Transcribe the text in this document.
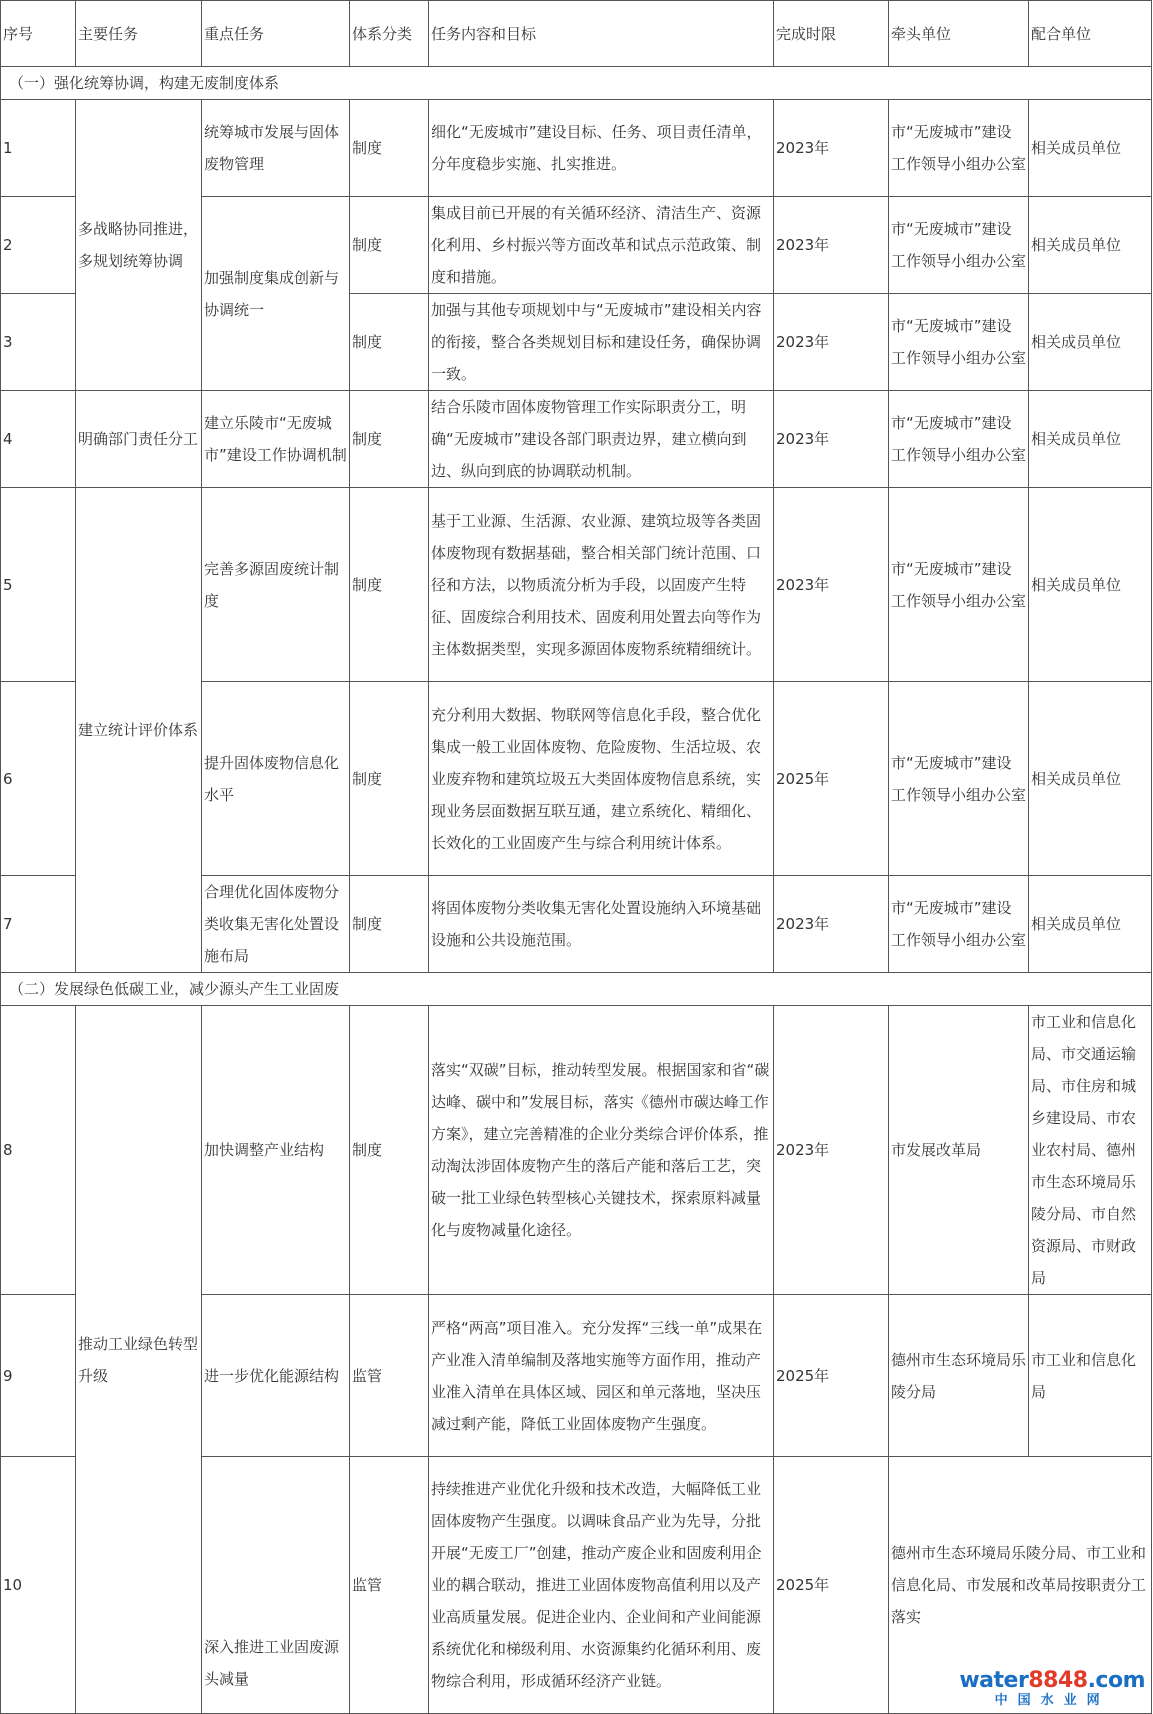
序号	主要任务	重点任务	体系分类	任务内容和目标	完成时限	牵头单位	配合单位
（一）强化统筹协调，构建无废制度体系							
1	多战略协同推进，多规划统筹协调	统筹城市发展与固体废物管理	制度	细化“无废城市”建设目标、任务、项目责任清单，分年度稳步实施、扎实推进。	2023年	市“无废城市”建设工作领导小组办公室	相关成员单位
2		加强制度集成创新与协调统一	制度	集成目前已开展的有关循环经济、清洁生产、资源化利用、乡村振兴等方面改革和试点示范政策、制度和措施。	2023年	市“无废城市”建设工作领导小组办公室	相关成员单位
3			制度	加强与其他专项规划中与“无废城市”建设相关内容的衔接，整合各类规划目标和建设任务，确保协调一致。	2023年	市“无废城市”建设工作领导小组办公室	相关成员单位
4	明确部门责任分工	建立乐陵市“无废城市”建设工作协调机制	制度	结合乐陵市固体废物管理工作实际职责分工，明确“无废城市”建设各部门职责边界，建立横向到边、纵向到底的协调联动机制。	2023年	市“无废城市”建设工作领导小组办公室	相关成员单位
5	建立统计评价体系	完善多源固废统计制度	制度	基于工业源、生活源、农业源、建筑垃圾等各类固体废物现有数据基础，整合相关部门统计范围、口径和方法，以物质流分析为手段，以固废产生特征、固废综合利用技术、固废利用处置去向等作为主体数据类型，实现多源固体废物系统精细统计。	2023年	市“无废城市”建设工作领导小组办公室	相关成员单位
6		提升固体废物信息化水平	制度	充分利用大数据、物联网等信息化手段，整合优化集成一般工业固体废物、危险废物、生活垃圾、农业废弃物和建筑垃圾五大类固体废物信息系统，实现业务层面数据互联互通，建立系统化、精细化、长效化的工业固废产生与综合利用统计体系。	2025年	市“无废城市”建设工作领导小组办公室	相关成员单位
7		合理优化固体废物分类收集无害化处置设施布局	制度	将固体废物分类收集无害化处置设施纳入环境基础设施和公共设施范围。	2023年	市“无废城市”建设工作领导小组办公室	相关成员单位
（二）发展绿色低碳工业，减少源头产生工业固废							
8	推动工业绿色转型升级	加快调整产业结构	制度	落实“双碳”目标，推动转型发展。根据国家和省“碳达峰、碳中和”发展目标，落实《德州市碳达峰工作方案》，建立完善精准的企业分类综合评价体系，推动淘汰涉固体废物产生的落后产能和落后工艺，突破一批工业绿色转型核心关键技术，探索原料减量化与废物减量化途径。	2023年	市发展改革局	市工业和信息化局、市交通运输局、市住房和城乡建设局、市农业农村局、德州市生态环境局乐陵分局、市自然资源局、市财政局
9		进一步优化能源结构	监管	严格“两高”项目准入。充分发挥“三线一单”成果在产业准入清单编制及落地实施等方面作用，推动产业准入清单在具体区域、园区和单元落地，坚决压减过剩产能，降低工业固体废物产生强度。	2025年	德州市生态环境局乐陵分局	市工业和信息化局
10		深入推进工业固废源头减量	监管	持续推进产业优化升级和技术改造，大幅降低工业固体废物产生强度。以调味食品产业为先导，分批开展“无废工厂”创建，推动产废企业和固废利用企业的耦合联动，推进工业固体废物高值利用以及产业高质量发展。促进企业内、企业间和产业间能源系统优化和梯级利用、水资源集约化循环利用、废物综合利用，形成循环经济产业链。	2025年	德州市生态环境局乐陵分局、市工业和信息化局、市发展和改革局按职责分工落实	
water8848.com
中国水业网
